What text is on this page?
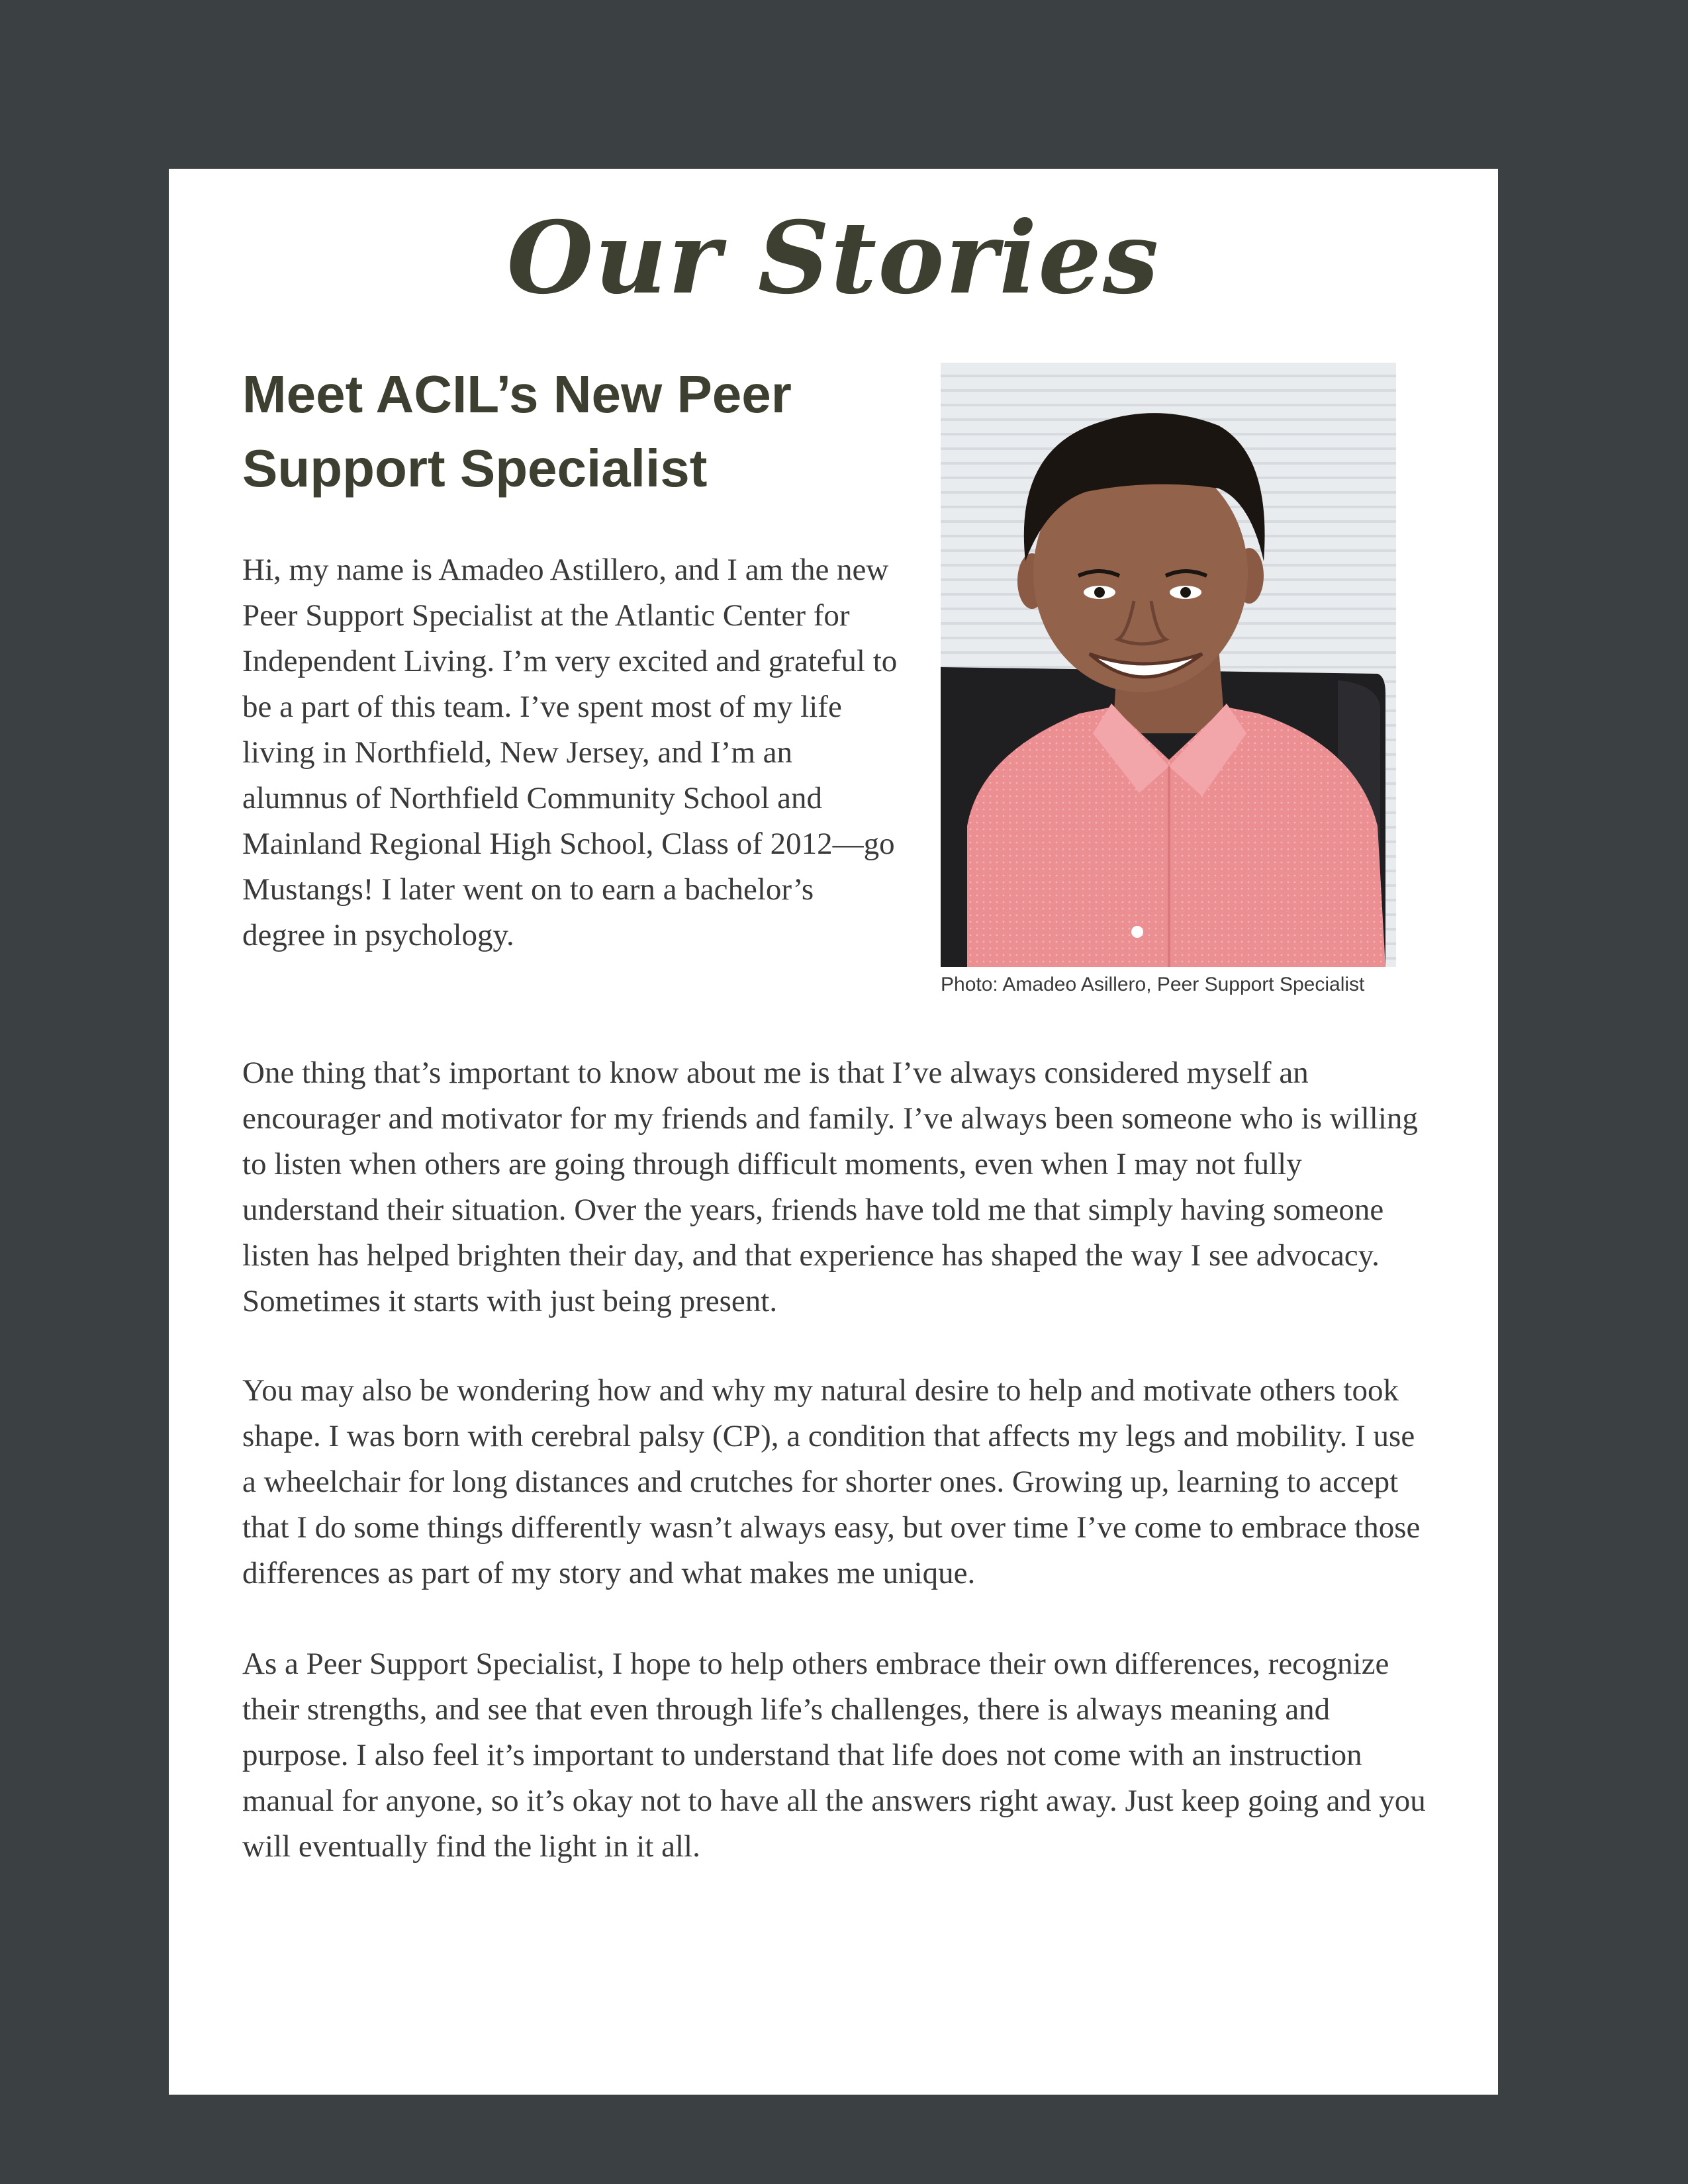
Our Stories
Meet ACIL’s New Peer Support Specialist

Hi, my name is Amadeo Astillero, and I am the new Peer Support Specialist at the Atlantic Center for Independent Living. I’m very excited and grateful to be a part of this team. I’ve spent most of my life living in Northfield, New Jersey, and I’m an alumnus of Northfield Community School and Mainland Regional High School, Class of 2012—go Mustangs! I later went on to earn a bachelor’s degree in psychology.

Photo: Amadeo Asillero, Peer Support Specialist

One thing that’s important to know about me is that I’ve always considered myself an encourager and motivator for my friends and family. I’ve always been someone who is willing to listen when others are going through difficult moments, even when I may not fully understand their situation. Over the years, friends have told me that simply having someone listen has helped brighten their day, and that experience has shaped the way I see advocacy. Sometimes it starts with just being present.

You may also be wondering how and why my natural desire to help and motivate others took shape. I was born with cerebral palsy (CP), a condition that affects my legs and mobility. I use a wheelchair for long distances and crutches for shorter ones. Growing up, learning to accept that I do some things differently wasn’t always easy, but over time I’ve come to embrace those differences as part of my story and what makes me unique.

As a Peer Support Specialist, I hope to help others embrace their own differences, recognize their strengths, and see that even through life’s challenges, there is always meaning and purpose. I also feel it’s important to understand that life does not come with an instruction manual for anyone, so it’s okay not to have all the answers right away. Just keep going and you will eventually find the light in it all.
